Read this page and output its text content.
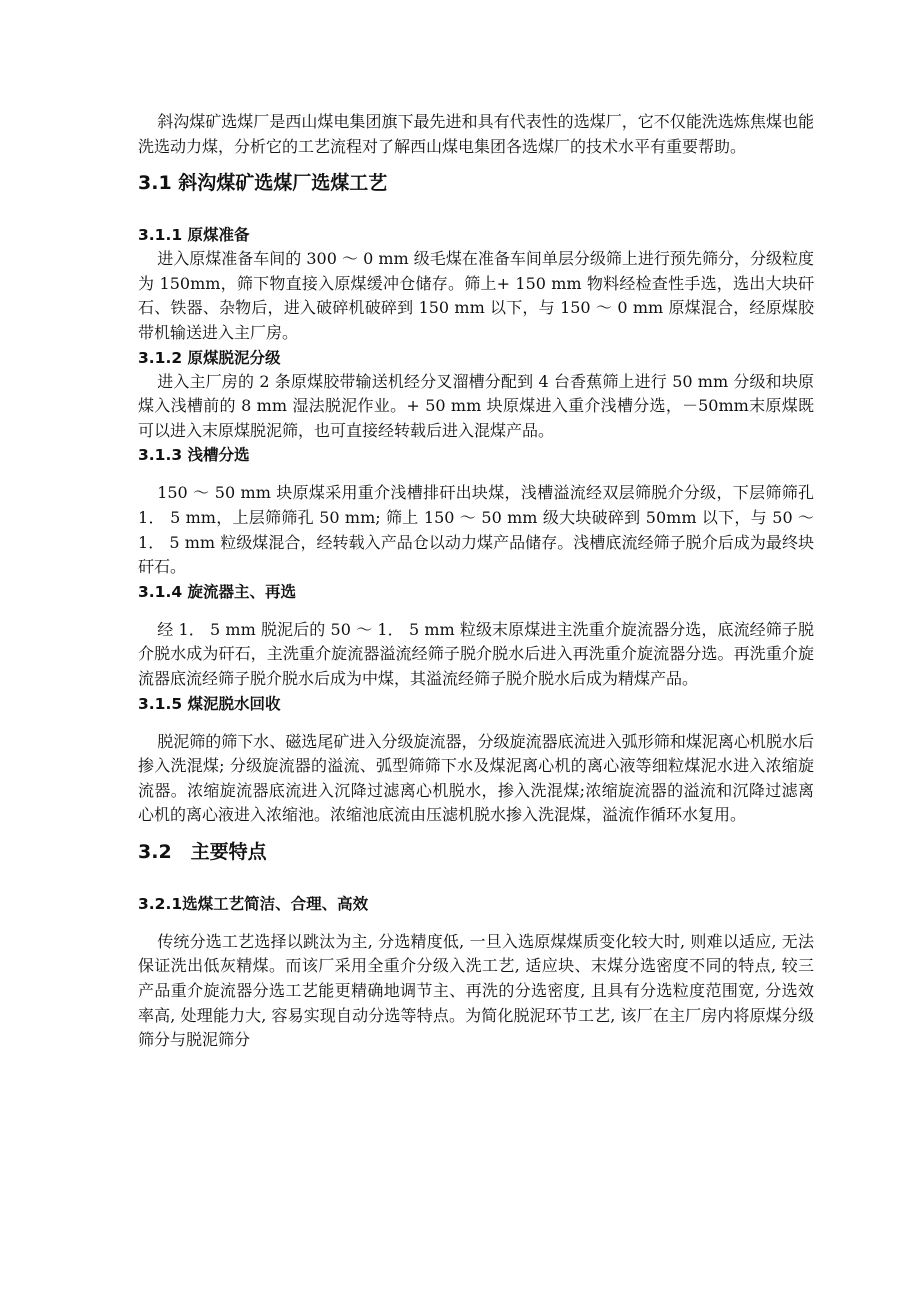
斜沟煤矿选煤厂是西山煤电集团旗下最先进和具有代表性的选煤厂，它不仅能洗选炼焦煤也能洗选动力煤，分析它的工艺流程对了解西山煤电集团各选煤厂的技术水平有重要帮助。

3.1 斜沟煤矿选煤厂选煤工艺
3.1.1 原煤准备

进入原煤准备车间的 300 ～ 0 mm 级毛煤在准备车间单层分级筛上进行预先筛分，分级粒度为 150mm，筛下物直接入原煤缓冲仓储存。筛上+ 150 mm 物料经检查性手选，选出大块矸石、铁器、杂物后，进入破碎机破碎到 150 mm 以下，与 150 ～ 0 mm 原煤混合，经原煤胶带机输送进入主厂房。

3.1.2 原煤脱泥分级

进入主厂房的 2 条原煤胶带输送机经分叉溜槽分配到 4 台香蕉筛上进行 50 mm 分级和块原煤入浅槽前的 8 mm 湿法脱泥作业。+ 50 mm 块原煤进入重介浅槽分选，－50mm末原煤既可以进入末原煤脱泥筛，也可直接经转载后进入混煤产品。

3.1.3 浅槽分选

150 ～ 50 mm 块原煤采用重介浅槽排矸出块煤，浅槽溢流经双层筛脱介分级，下层筛筛孔 1． 5 mm，上层筛筛孔 50 mm; 筛上 150 ～ 50 mm 级大块破碎到 50mm 以下，与 50 ～ 1． 5 mm 粒级煤混合，经转载入产品仓以动力煤产品储存。浅槽底流经筛子脱介后成为最终块矸石。

3.1.4 旋流器主、再选

经 1． 5 mm 脱泥后的 50 ～ 1． 5 mm 粒级末原煤进主洗重介旋流器分选，底流经筛子脱介脱水成为矸石，主洗重介旋流器溢流经筛子脱介脱水后进入再洗重介旋流器分选。再洗重介旋流器底流经筛子脱介脱水后成为中煤，其溢流经筛子脱介脱水后成为精煤产品。

3.1.5 煤泥脱水回收

脱泥筛的筛下水、磁选尾矿进入分级旋流器，分级旋流器底流进入弧形筛和煤泥离心机脱水后掺入洗混煤; 分级旋流器的溢流、弧型筛筛下水及煤泥离心机的离心液等细粒煤泥水进入浓缩旋流器。浓缩旋流器底流进入沉降过滤离心机脱水，掺入洗混煤;浓缩旋流器的溢流和沉降过滤离心机的离心液进入浓缩池。浓缩池底流由压滤机脱水掺入洗混煤，溢流作循环水复用。

3.2　主要特点
3.2.1选煤工艺简洁、合理、高效

传统分选工艺选择以跳汰为主, 分选精度低, 一旦入选原煤煤质变化较大时, 则难以适应, 无法保证洗出低灰精煤。而该厂采用全重介分级入洗工艺, 适应块、末煤分选密度不同的特点, 较三产品重介旋流器分选工艺能更精确地调节主、再洗的分选密度, 且具有分选粒度范围宽, 分选效率高, 处理能力大, 容易实现自动分选等特点。为简化脱泥环节工艺, 该厂在主厂房内将原煤分级筛分与脱泥筛分
